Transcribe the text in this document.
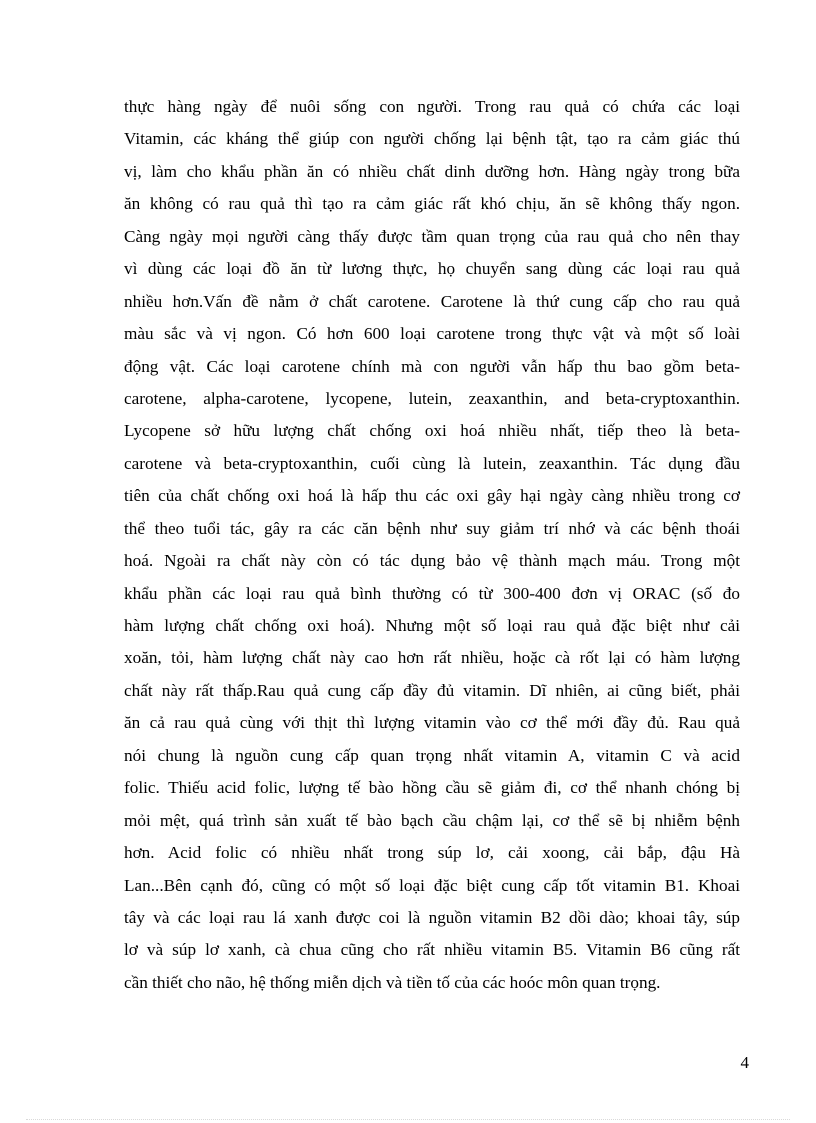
thực hàng ngày để nuôi sống con người. Trong rau quả có chứa các loại
Vitamin, các kháng thể giúp con người chống lại bệnh tật, tạo ra cảm giác thú
vị, làm cho khẩu phần ăn có nhiều chất dinh dưỡng hơn. Hàng ngày trong bữa
ăn không có rau quả thì tạo ra cảm giác rất khó chịu, ăn sẽ không thấy ngon.
Càng ngày mọi người càng thấy được tầm quan trọng của rau quả cho nên thay
vì dùng các loại đồ ăn từ lương thực, họ chuyển sang dùng các loại rau quả
nhiều hơn.Vấn đề nằm ở chất carotene. Carotene là thứ cung cấp cho rau quả
màu sắc và vị ngon. Có hơn 600 loại carotene trong thực vật và một số loài
động vật. Các loại carotene chính mà con người vẫn hấp thu bao gồm beta-
carotene, alpha-carotene, lycopene, lutein, zeaxanthin, and beta-cryptoxanthin.
Lycopene sở hữu lượng chất chống oxi hoá nhiều nhất, tiếp theo là beta-
carotene và beta-cryptoxanthin, cuối cùng là lutein, zeaxanthin. Tác dụng đầu
tiên của chất chống oxi hoá là hấp thu các oxi gây hại ngày càng nhiều trong cơ
thể theo tuổi tác, gây ra các căn bệnh như suy giảm trí nhớ và các bệnh thoái
hoá. Ngoài ra chất này còn có tác dụng bảo vệ thành mạch máu. Trong một
khẩu phần các loại rau quả bình thường có từ 300-400 đơn vị ORAC (số đo
hàm lượng chất chống oxi hoá). Nhưng một số loại rau quả đặc biệt như cải
xoăn, tỏi, hàm lượng chất này cao hơn rất nhiều, hoặc cà rốt lại có hàm lượng
chất này rất thấp.Rau quả cung cấp đầy đủ vitamin. Dĩ nhiên, ai cũng biết, phải
ăn cả rau quả cùng với thịt thì lượng vitamin vào cơ thể mới đầy đủ. Rau quả
nói chung là nguồn cung cấp quan trọng nhất vitamin A, vitamin C và acid
folic. Thiếu acid folic, lượng tế bào hồng cầu sẽ giảm đi, cơ thể nhanh chóng bị
mỏi mệt, quá trình sản xuất tế bào bạch cầu chậm lại, cơ thể sẽ bị nhiễm bệnh
hơn. Acid folic có nhiều nhất trong súp lơ, cải xoong, cải bắp, đậu Hà
Lan...Bên cạnh đó, cũng có một số loại đặc biệt cung cấp tốt vitamin B1. Khoai
tây và các loại rau lá xanh được coi là nguồn vitamin B2 dồi dào; khoai tây, súp
lơ và súp lơ xanh, cà chua cũng cho rất nhiều vitamin B5. Vitamin B6 cũng rất
cần thiết cho não, hệ thống miễn dịch và tiền tố của các hoóc môn quan trọng.
4
